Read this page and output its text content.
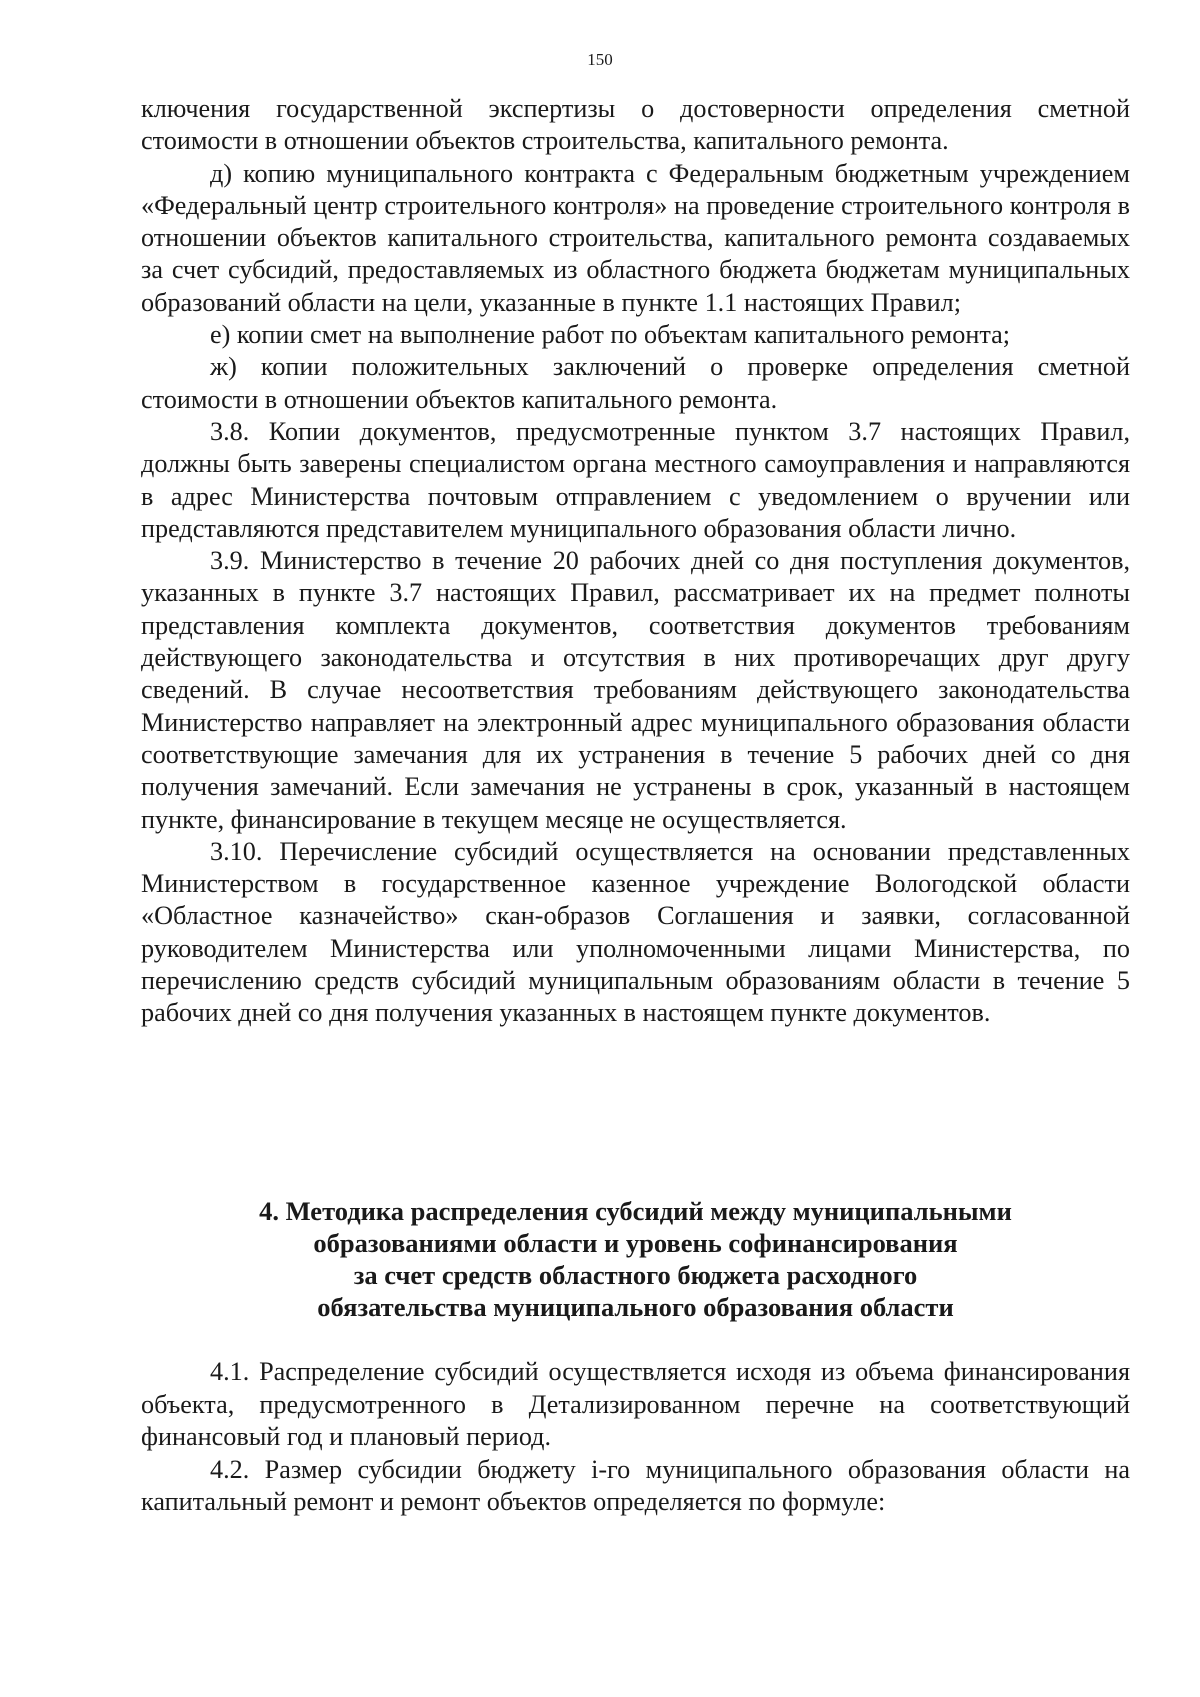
150

ключения государственной экспертизы о достоверности определения сметной стоимости в отношении объектов строительства, капитального ремонта.

д) копию муниципального контракта с Федеральным бюджетным учреждением «Федеральный центр строительного контроля» на проведение строительного контроля в отношении объектов капитального строительства, капитального ремонта создаваемых за счет субсидий, предоставляемых из областного бюджета бюджетам муниципальных образований области на цели, указанные в пункте 1.1 настоящих Правил;

е) копии смет на выполнение работ по объектам капитального ремонта;

ж) копии положительных заключений о проверке определения сметной стоимости в отношении объектов капитального ремонта.

3.8. Копии документов, предусмотренные пунктом 3.7 настоящих Правил, должны быть заверены специалистом органа местного самоуправления и направляются в адрес Министерства почтовым отправлением с уведомлением о вручении или представляются представителем муниципального образования области лично.

3.9. Министерство в течение 20 рабочих дней со дня поступления документов, указанных в пункте 3.7 настоящих Правил, рассматривает их на предмет полноты представления комплекта документов, соответствия документов требованиям действующего законодательства и отсутствия в них противоречащих друг другу сведений. В случае несоответствия требованиям действующего законодательства Министерство направляет на электронный адрес муниципального образования области соответствующие замечания для их устранения в течение 5 рабочих дней со дня получения замечаний. Если замечания не устранены в срок, указанный в настоящем пункте, финансирование в текущем месяце не осуществляется.

3.10. Перечисление субсидий осуществляется на основании представленных Министерством в государственное казенное учреждение Вологодской области «Областное казначейство» скан-образов Соглашения и заявки, согласованной руководителем Министерства или уполномоченными лицами Министерства, по перечислению средств субсидий муниципальным образованиям области в течение 5 рабочих дней со дня получения указанных в настоящем пункте документов.

4. Методика распределения субсидий между муниципальными
образованиями области и уровень софинансирования
за счет средств областного бюджета расходного
обязательства муниципального образования области

4.1. Распределение субсидий осуществляется исходя из объема финансирования объекта, предусмотренного в Детализированном перечне на соответствующий финансовый год и плановый период.

4.2. Размер субсидии бюджету i-го муниципального образования области на капитальный ремонт и ремонт объектов определяется по формуле:
